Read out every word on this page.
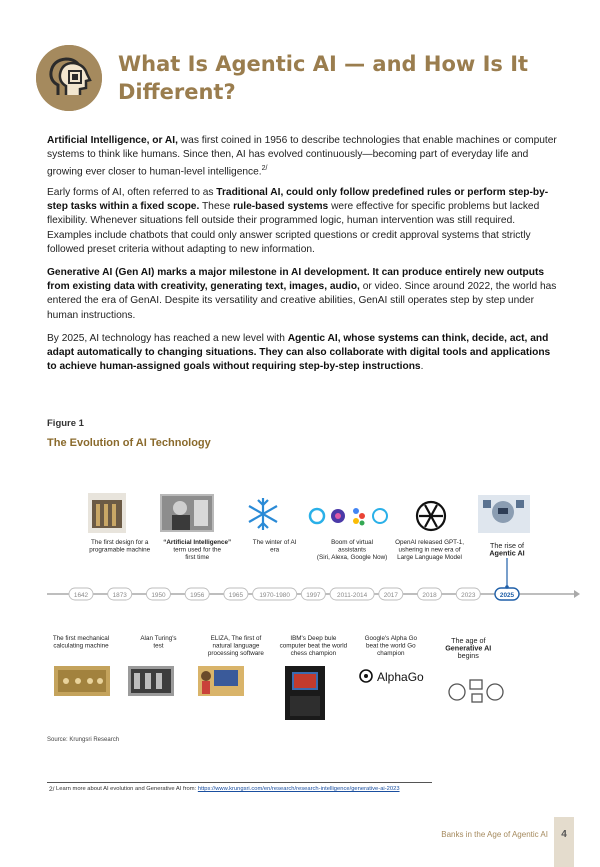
What Is Agentic AI — and How Is It
Different?
Artificial Intelligence, or AI, was first coined in 1956 to describe technologies that enable machines or computer systems to think like humans. Since then, AI has evolved continuously—becoming part of everyday life and growing ever closer to human-level intelligence.$^{2/}$
Early forms of AI, often referred to as Traditional AI, could only follow predefined rules or perform step-by-step tasks within a fixed scope. These rule-based systems were effective for specific problems but lacked flexibility. Whenever situations fell outside their programmed logic, human intervention was still required. Examples include chatbots that could only answer scripted questions or credit approval systems that strictly followed preset criteria without adapting to new information.
Generative AI (Gen AI) marks a major milestone in AI development. It can produce entirely new outputs from existing data with creativity, generating text, images, audio, or video. Since around 2022, the world has entered the era of GenAI. Despite its versatility and creative abilities, GenAI still operates step by step under human instructions.
By 2025, AI technology has reached a new level with Agentic AI, whose systems can think, decide, act, and adapt automatically to changing situations. They can also collaborate with digital tools and applications to achieve human-assigned goals without requiring step-by-step instructions.
Figure 1
The Evolution of AI Technology
AlphaGo
1642	1873	1950	1956	1965	1970-1980	1997	2011-2014	2017	2018	2023	2025
The first design for a
programable machine
“Artificial Intelligence”
term used for the
first time
The winter of AI
era
Boom of virtual
assistants
(Siri, Alexa, Google Now)
OpenAI released GPT-1,
ushering in new era of
Large Language Model
The rise of
Agentic AI
The first mechanical
calculating machine
Alan Turing's
test
ELIZA, The first of
natural language
processing software
IBM's Deep bule
computer beat the world
chess champion
Google's Alpha Go
beat the world Go
champion
The age of
Generative AI
begins
Source: Krungsri Research
2/ Learn more about AI evolution and Generative AI from: https://www.krungsri.com/en/research/research-intelligence/generative-ai-2023
Banks in the Age of Agentic AI	4
